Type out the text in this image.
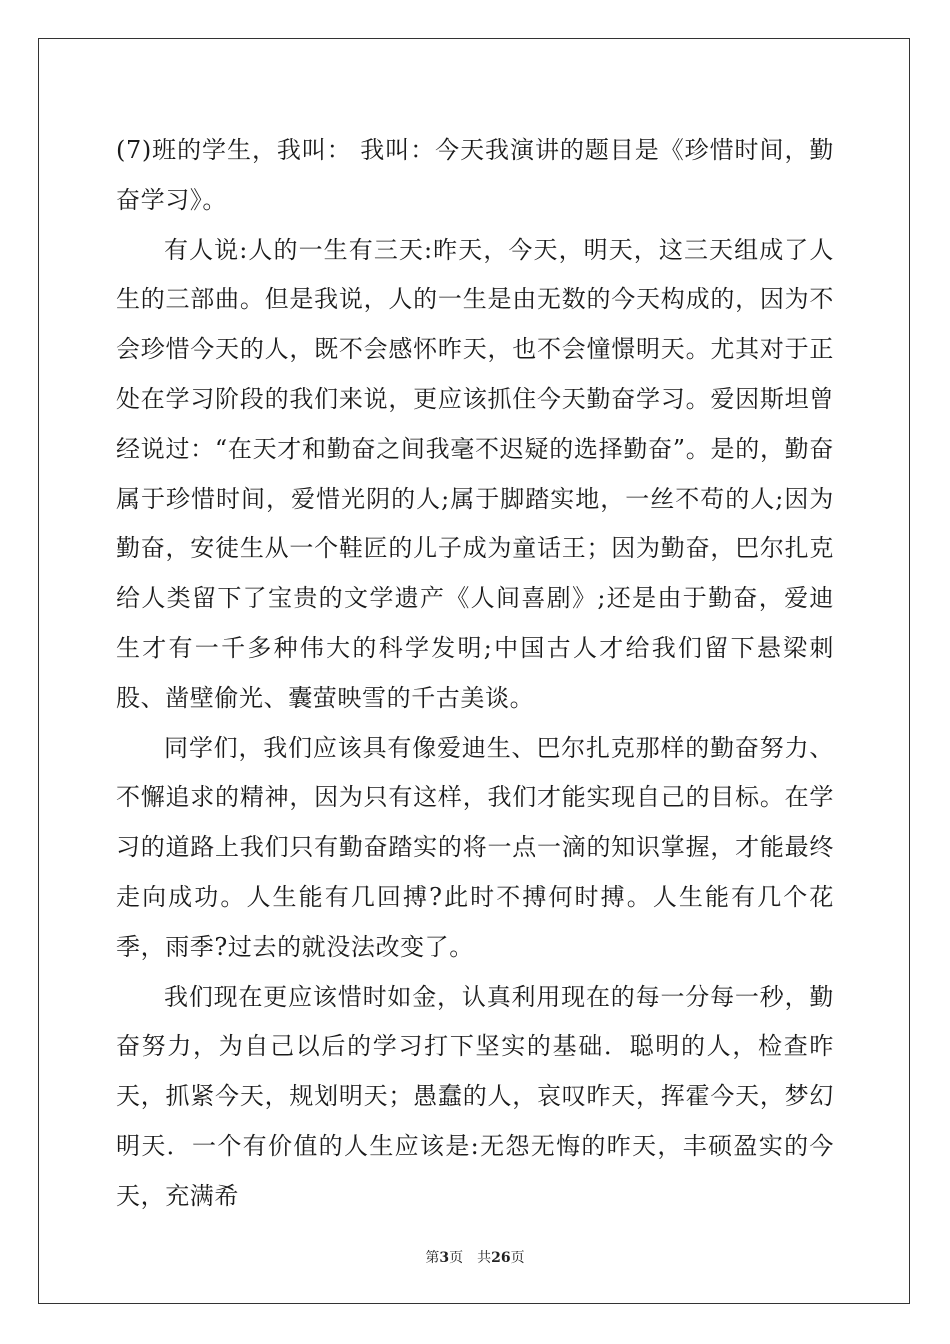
(7)班的学生，我叫： 我叫：今天我演讲的题目是《珍惜时间，勤奋学习》。

有人说:人的一生有三天:昨天，今天，明天，这三天组成了人生的三部曲。但是我说，人的一生是由无数的今天构成的，因为不会珍惜今天的人，既不会感怀昨天，也不会憧憬明天。尤其对于正处在学习阶段的我们来说，更应该抓住今天勤奋学习。爱因斯坦曾经说过：“在天才和勤奋之间我毫不迟疑的选择勤奋”。是的，勤奋属于珍惜时间，爱惜光阴的人;属于脚踏实地，一丝不苟的人;因为勤奋，安徒生从一个鞋匠的儿子成为童话王；因为勤奋，巴尔扎克给人类留下了宝贵的文学遗产《人间喜剧》;还是由于勤奋，爱迪生才有一千多种伟大的科学发明;中国古人才给我们留下悬梁刺股、凿壁偷光、囊萤映雪的千古美谈。

同学们，我们应该具有像爱迪生、巴尔扎克那样的勤奋努力、不懈追求的精神，因为只有这样，我们才能实现自己的目标。在学习的道路上我们只有勤奋踏实的将一点一滴的知识掌握，才能最终走向成功。人生能有几回搏?此时不搏何时搏。人生能有几个花季，雨季?过去的就没法改变了。

我们现在更应该惜时如金，认真利用现在的每一分每一秒，勤奋努力，为自己以后的学习打下坚实的基础．聪明的人，检查昨天，抓紧今天，规划明天；愚蠢的人，哀叹昨天，挥霍今天，梦幻明天．一个有价值的人生应该是:无怨无悔的昨天，丰硕盈实的今天，充满希

第3页 共26页
